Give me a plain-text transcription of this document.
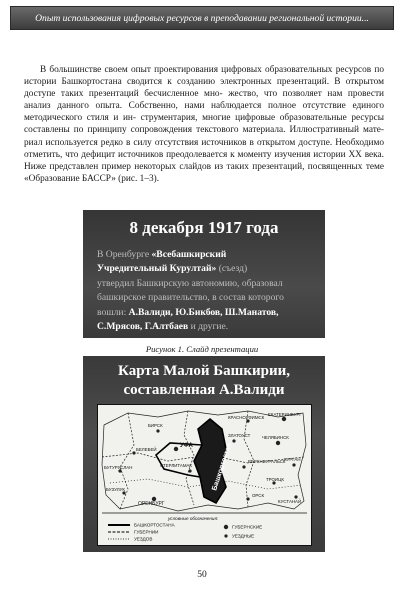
Опыт использования цифровых ресурсов в преподавании региональной истории...

В большинстве своем опыт проектирования цифровых образовательных ресурсов по истории Башкортостана сводится к созданию электронных презентаций. В открытом доступе таких презентаций бесчисленное мно- жество, что позволяет нам провести анализ данного опыта. Собственно, нами наблюдается полное отсутствие единого методического стиля и ин- струментария, многие цифровые образовательные ресурсы составлены по принципу сопровождения текстового материала. Иллюстративный мате- риал используется редко в силу отсутствия источников в открытом доступе. Необходимо отметить, что дефицит источников преодолевается к моменту изучения истории XX века. Ниже представлен пример некоторых слайдов из таких презентаций, посвященных теме «Образование БАССР» (рис. 1–3).

8 декабря 1917 года
В Оренбурге «Всебашкирский
Учредительный Курултай» (съезд)
утвердил Башкирскую автономию, образовал
башкирское правительство, в состав которого
вошли: А.Валиди, Ю.Бикбов, Ш.Манатов,
С.Мрясов, Г.Алтбаев и другие.
Рисунок 1. Слайд презентации
Карта Малой Башкирии,
составленная А.Валиди
УФА
СТЕРЛИТАМАК
ОРЕНБУРГ
ЗЛАТОУСТ
ВЕРХНЕУРАЛЬСК
ОРСК
ЧЕЛЯБИНСК
БИРСК
БЕЛЕБЕЙ
БУГУРУСЛАН
БУЗУЛУК
КУРГАН
ТРОИЦК
КРАСНОУФИМСК
ЕКАТЕРИНБУРГ
КУСТАНАЙ
Башкортостан
условные обозначения:
БАШКОРТОСТАНА
ГУБЕРНИИ
УЕЗДОВ
ГУБЕРНСКИЕ
УЕЗДНЫЕ
50
